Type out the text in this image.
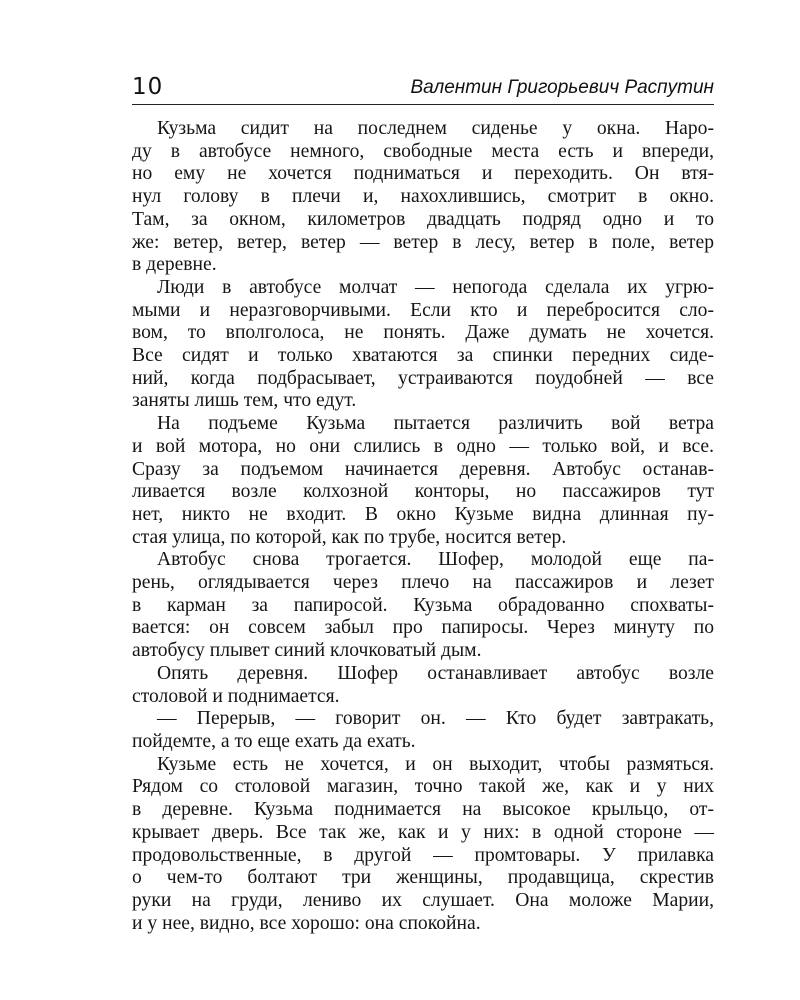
10	Валентин Григорьевич Распутин
Кузьма сидит на последнем сиденье у окна. Наро-
ду в автобусе немного, свободные места есть и впереди,
но ему не хочется подниматься и переходить. Он втя-
нул голову в плечи и, нахохлившись, смотрит в окно.
Там, за окном, километров двадцать подряд одно и то
же: ветер, ветер, ветер — ветер в лесу, ветер в поле, ветер
в деревне.
Люди в автобусе молчат — непогода сделала их угрю-
мыми и неразговорчивыми. Если кто и перебросится сло-
вом, то вполголоса, не понять. Даже думать не хочется.
Все сидят и только хватаются за спинки передних сиде-
ний, когда подбрасывает, устраиваются поудобней — все
заняты лишь тем, что едут.
На подъеме Кузьма пытается различить вой ветра
и вой мотора, но они слились в одно — только вой, и все.
Сразу за подъемом начинается деревня. Автобус останав-
ливается возле колхозной конторы, но пассажиров тут
нет, никто не входит. В окно Кузьме видна длинная пу-
стая улица, по которой, как по трубе, носится ветер.
Автобус снова трогается. Шофер, молодой еще па-
рень, оглядывается через плечо на пассажиров и лезет
в карман за папиросой. Кузьма обрадованно спохваты-
вается: он совсем забыл про папиросы. Через минуту по
автобусу плывет синий клочковатый дым.
Опять деревня. Шофер останавливает автобус возле
столовой и поднимается.
— Перерыв, — говорит он. — Кто будет завтракать,
пойдемте, а то еще ехать да ехать.
Кузьме есть не хочется, и он выходит, чтобы размяться.
Рядом со столовой магазин, точно такой же, как и у них
в деревне. Кузьма поднимается на высокое крыльцо, от-
крывает дверь. Все так же, как и у них: в одной стороне —
продовольственные, в другой — промтовары. У прилавка
о чем-то болтают три женщины, продавщица, скрестив
руки на груди, лениво их слушает. Она моложе Марии,
и у нее, видно, все хорошо: она спокойна.
